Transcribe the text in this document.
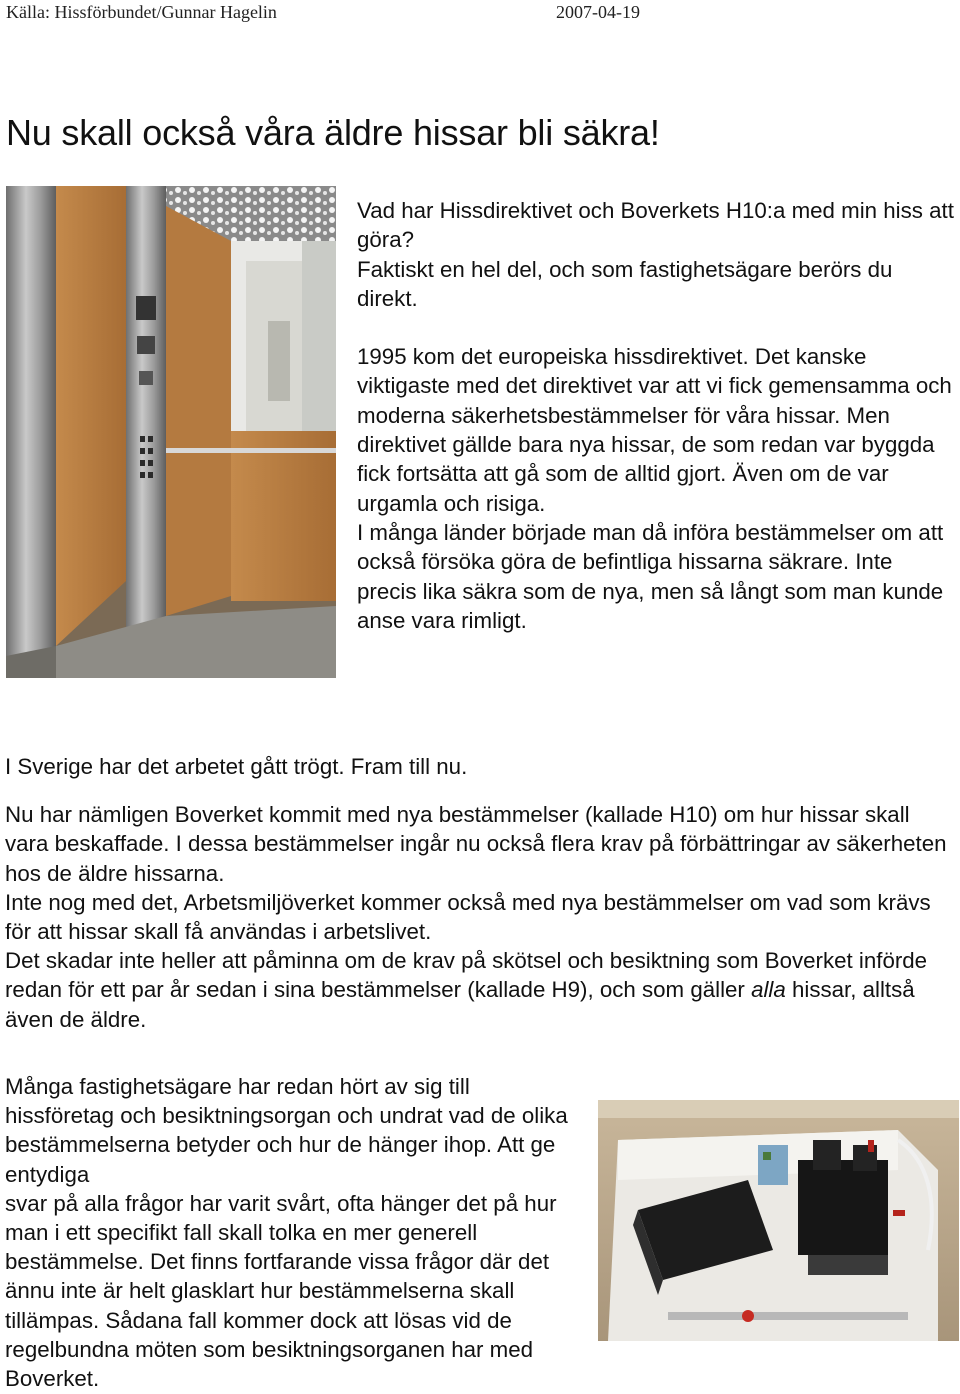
Källa: Hissförbundet/Gunnar Hagelin	2007-04-19
Nu skall också våra äldre hissar bli säkra!

Vad har Hissdirektivet och Boverkets H10:a med min hiss att göra?

Faktiskt en hel del, och som fastighetsägare berörs du direkt.

1995 kom det europeiska hissdirektivet. Det kanske viktigaste med det direktivet var att vi fick gemensamma och moderna säkerhetsbestämmelser för våra hissar. Men direktivet gällde bara nya hissar, de som redan var byggda fick fortsätta att gå som de alltid gjort. Även om de var urgamla och risiga.

I många länder började man då införa bestämmelser om att också försöka göra de befintliga hissarna säkrare. Inte precis lika säkra som de nya, men så långt som man kunde anse vara rimligt.

I Sverige har det arbetet gått trögt. Fram till nu.

Nu har nämligen Boverket kommit med nya bestämmelser (kallade H10) om hur hissar skall vara beskaffade. I dessa bestämmelser ingår nu också flera krav på förbättringar av säkerheten hos de äldre hissarna.

Inte nog med det, Arbetsmiljöverket kommer också med nya bestämmelser om vad som krävs för att hissar skall få användas i arbetslivet.

Det skadar inte heller att påminna om de krav på skötsel och besiktning som Boverket införde redan för ett par år sedan i sina bestämmelser (kallade H9), och som gäller alla hissar, alltså även de äldre.

Många fastighetsägare har redan hört av sig till hissföretag och besiktningsorgan och undrat vad de olika bestämmelserna betyder och hur de hänger ihop. Att ge entydiga

svar på alla frågor har varit svårt, ofta hänger det på hur man i ett specifikt fall skall tolka en mer generell bestämmelse. Det finns fortfarande vissa frågor där det ännu inte är helt glasklart hur bestämmelserna skall tillämpas. Sådana fall kommer dock att lösas vid de regelbundna möten som besiktningsorganen har med Boverket.
